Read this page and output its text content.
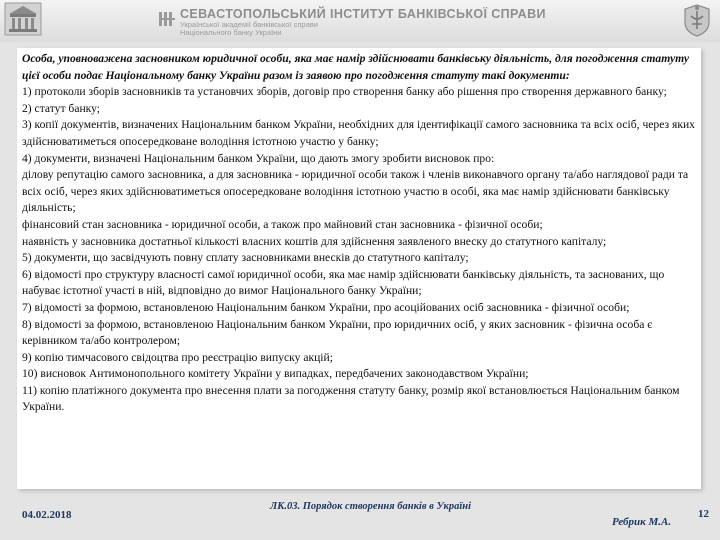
СЕВАСТОПОЛЬСЬКИЙ ІНСТИТУТ БАНКІВСЬКОЇ СПРАВИ
Української академії банківської справи
Національного банку України

Особа, уповноважена засновником юридичної особи, яка має намір здійснювати банківську діяльність, для погодження статуту цієї особи подає Національному банку України разом із заявою про погодження статуту такі документи:

1) протоколи зборів засновників та установчих зборів, договір про створення банку або рішення про створення державного банку;

2) статут банку;

3) копії документів, визначених Національним банком України, необхідних для ідентифікації самого засновника та всіх осіб, через яких здійснюватиметься опосередковане володіння істотною участю у банку;

4) документи, визначені Національним банком України, що дають змогу зробити висновок про:

ділову репутацію самого засновника, а для засновника - юридичної особи також і членів виконавчого органу та/або наглядової ради та всіх осіб, через яких здійснюватиметься опосередковане володіння істотною участю в особі, яка має намір здійснювати банківську діяльність;

фінансовий стан засновника - юридичної особи, а також про майновий стан засновника - фізичної особи;

наявність у засновника достатньої кількості власних коштів для здійснення заявленого внеску до статутного капіталу;

5) документи, що засвідчують повну сплату засновниками внесків до статутного капіталу;

6) відомості про структуру власності самої юридичної особи, яка має намір здійснювати банківську діяльність, та заснованих, що набуває істотної участі в ній, відповідно до вимог Національного банку України;

7) відомості за формою, встановленою Національним банком України, про асоційованих осіб засновника - фізичної особи;

8) відомості за формою, встановленою Національним банком України, про юридичних осіб, у яких засновник - фізична особа є керівником та/або контролером;

9) копію тимчасового свідоцтва про реєстрацію випуску акцій;

10) висновок Антимонопольного комітету України у випадках, передбачених законодавством України;

11) копію платіжного документа про внесення плати за погодження статуту банку, розмір якої встановлюється Національним банком України.

04.02.2018
ЛК.03. Порядок створення банків в Україні
Ребрик М.А.
12
